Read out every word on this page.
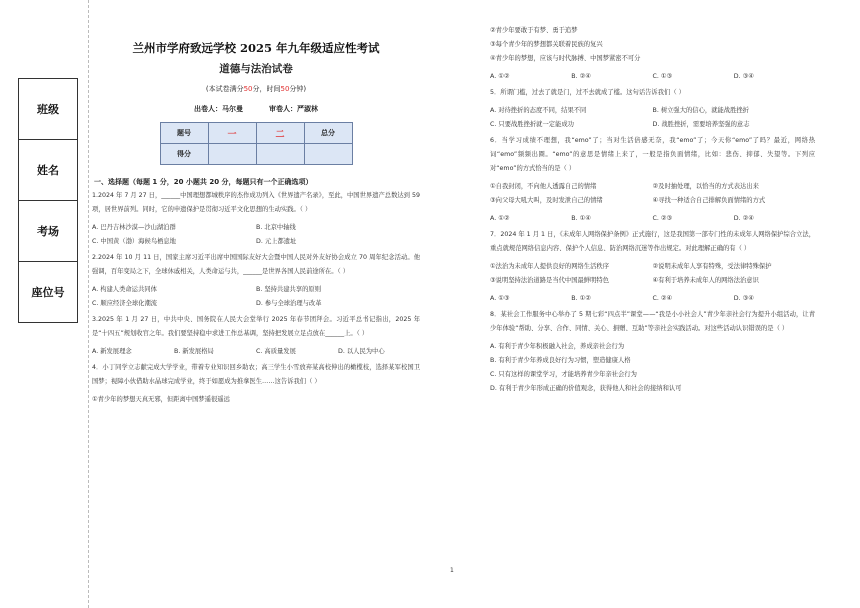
班级
姓名
考场
座位号
兰州市学府致远学校 2025 年九年级适应性考试
道德与法治试卷
(本试卷满分50分，时间50分钟)
出卷人：马尔曼	审卷人：严淑林
题号	一	二	总分
得分			
一、选择题（每题 1 分，20 小题共 20 分，每题只有一个正确选项）
1.2024 年 7 月 27 日，______中国理想都城秩序的杰作成功列入《世界遗产名录》，至此，中国世界遗产总数达到 59 项，居世界前列。同时，它的申遗保护是贯彻习近平文化思想的生动实践。（ ）
A. 巴丹吉林沙漠—沙山湖泊群	B. 北京中轴线
C. 中国黄（渤）海候鸟栖息地	D. 元上都遗址
2.2024 年 10 月 11 日，国家主席习近平出席中国国际友好大会暨中国人民对外友好协会成立 70 周年纪念活动。他强调，百年变局之下，全球休戚相关，人类命运与共，______是世界各国人民前途所在。（ ）
A. 构建人类命运共同体	B. 坚持共建共享的原则
C. 顺应经济全球化潮流	D. 参与全球治理与改革
3.2025 年 1 月 27 日，中共中央、国务院在人民大会堂举行 2025 年春节团拜会。习近平总书记指出，2025 年是“十四五”规划收官之年。我们要坚持稳中求进工作总基调，坚持把发展立足点放在______上。（ ）
A. 新发展理念	B. 新发展格局	C. 高质量发展	D. 以人民为中心
4．小丁同学立志献完成大学学业，带着专业知识回乡助农；高三学生小雪放弃某高校伸出的橄榄枝，选择某军校国卫国梦；视障小伙借助水晶球完成学业，终于如愿成为推拿医生……这告诉我们（ ）
①青少年的梦想天真无邪，但距离中国梦遥很遥远
②青少年要敢于有梦、勇于追梦
③每个青少年的梦想都关联着民族的复兴
④青少年的梦想，应该与时代脉搏、中国梦紧密不可分
A. ①②	B. ②④	C. ①③	D. ③④
5．所谓门槛，过去了就是门，过不去就成了槛。这句话告诉我们（ ）
A. 对待挫折的态度不同，结果不同	B. 树立强大的信心，就能战胜挫折
C. 只要战胜挫折就一定能成功	D. 战胜挫折，需要培养坚强的意志
6．当学习成绩不理想，我“emo”了；当对生活倍感无奈，我“emo”了；今天你“emo”了吗？最近，网络热词“emo”频频出圈。“emo”的意思是情绪上来了，一般是指负面情绪，比如：悲伤、抑郁、失望等。下列应对“emo”的方式恰当的是（ ）
①自我封闭，不向他人透露自己的情绪	②及时抽处理，以恰当的方式表达出来
③向父母大吼大叫，及时发泄自己的情绪	④寻找一种适合自己排解负面情绪的方式
A. ①②	B. ①④	C. ②③	D. ②④
7．2024 年 1 月 1 日，《未成年人网络保护条例》正式施行，这是我国第一部专门性的未成年人网络保护综合立法，重点就规范网络信息内容、保护个人信息、防治网络沉迷等作出规定。对此理解正确的有（ ）
①法治为未成年人提供良好的网络生活秩序	②说明未成年人享有特殊，受法律特殊保护
③说明坚持法治道路是当代中国最鲜明特色	④有利于培养未成年人的网络法治意识
A. ①③	B. ①②	C. ②④	D. ③④
8．某社会工作服务中心举办了 5 期七彩“四点半”课堂——“我是小小社会人”青少年亲社会行为提升小组活动，让青少年体验“帮助、分享、合作、同情、关心、捐赠、互助”等亲社会实践活动。对这些活动认识错误的是（ ）
A. 有利于青少年积极融入社会，养成亲社会行为
B. 有利于青少年养成良好行为习惯，塑造健康人格
C. 只有这样的课堂学习，才能培养青少年亲社会行为
D. 有利于青少年形成正确的价值观念，获得他人和社会的接纳和认可
1
